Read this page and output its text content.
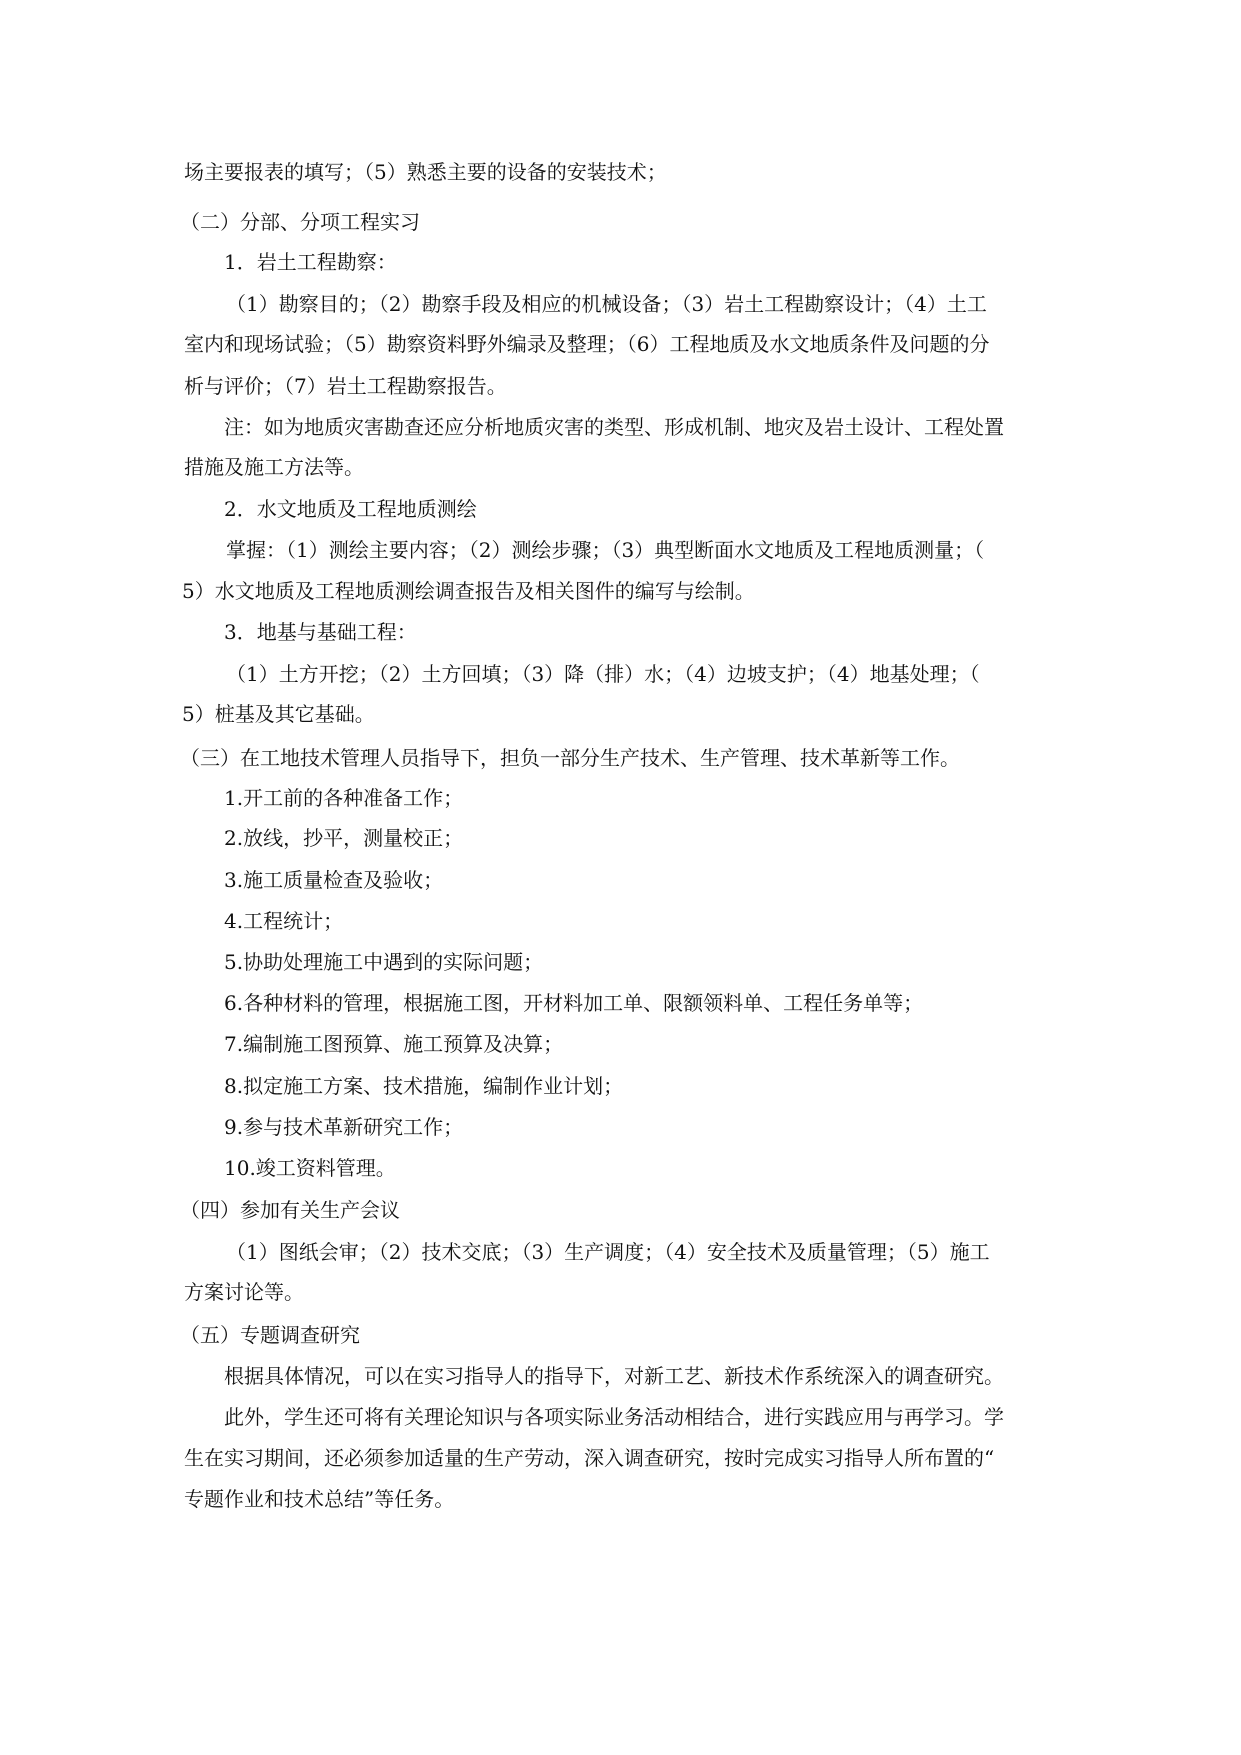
场主要报表的填写；（5）熟悉主要的设备的安装技术；
（二）分部、分项工程实习
1．岩土工程勘察：
（1）勘察目的；（2）勘察手段及相应的机械设备；（3）岩土工程勘察设计；（4）土工
室内和现场试验；（5）勘察资料野外编录及整理；（6）工程地质及水文地质条件及问题的分
析与评价；（7）岩土工程勘察报告。
注：如为地质灾害勘查还应分析地质灾害的类型、形成机制、地灾及岩土设计、工程处置
措施及施工方法等。
2．水文地质及工程地质测绘
掌握：（1）测绘主要内容；（2）测绘步骤；（3）典型断面水文地质及工程地质测量；（
5）水文地质及工程地质测绘调查报告及相关图件的编写与绘制。
3．地基与基础工程：
（1）土方开挖；（2）土方回填；（3）降（排）水；（4）边坡支护；（4）地基处理；（
5）桩基及其它基础。
（三）在工地技术管理人员指导下，担负一部分生产技术、生产管理、技术革新等工作。
1.开工前的各种准备工作；
2.放线，抄平，测量校正；
3.施工质量检查及验收；
4.工程统计；
5.协助处理施工中遇到的实际问题；
6.各种材料的管理，根据施工图，开材料加工单、限额领料单、工程任务单等；
7.编制施工图预算、施工预算及决算；
8.拟定施工方案、技术措施，编制作业计划；
9.参与技术革新研究工作；
10.竣工资料管理。
（四）参加有关生产会议
（1）图纸会审；（2）技术交底；（3）生产调度；（4）安全技术及质量管理；（5）施工
方案讨论等。
（五）专题调查研究
根据具体情况，可以在实习指导人的指导下，对新工艺、新技术作系统深入的调查研究。
此外，学生还可将有关理论知识与各项实际业务活动相结合，进行实践应用与再学习。学
生在实习期间，还必须参加适量的生产劳动，深入调查研究，按时完成实习指导人所布置的“
专题作业和技术总结”等任务。
